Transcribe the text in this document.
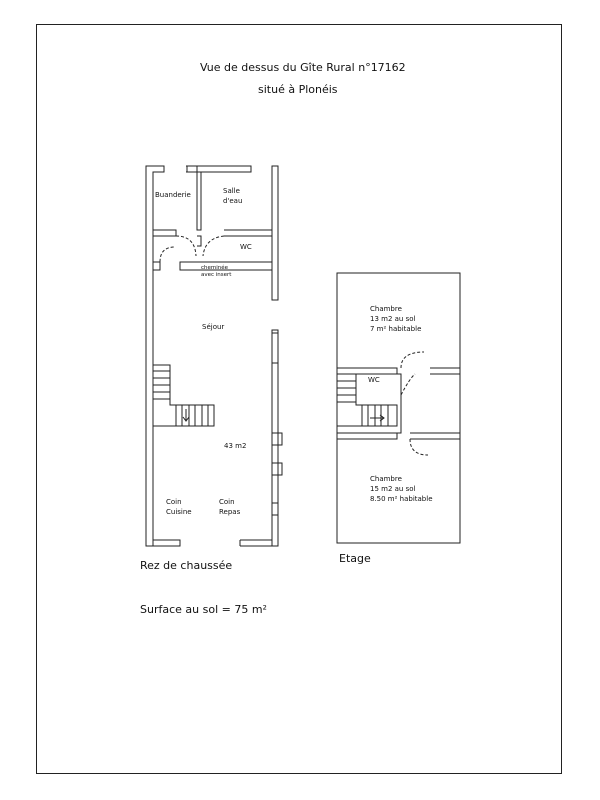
Vue de dessus du Gîte Rural n°17162
situé à Plonéis
Buanderie	Salle
d'eau
WC
cheminée
avec insert
Séjour
43 m2
Coin
Cuisine
Coin
Repas
Chambre
13 m2 au sol
7 m² habitable
WC
Chambre
15 m2 au sol
8.50 m² habitable
Rez de chaussée
Etage
Surface au sol = 75 m²
